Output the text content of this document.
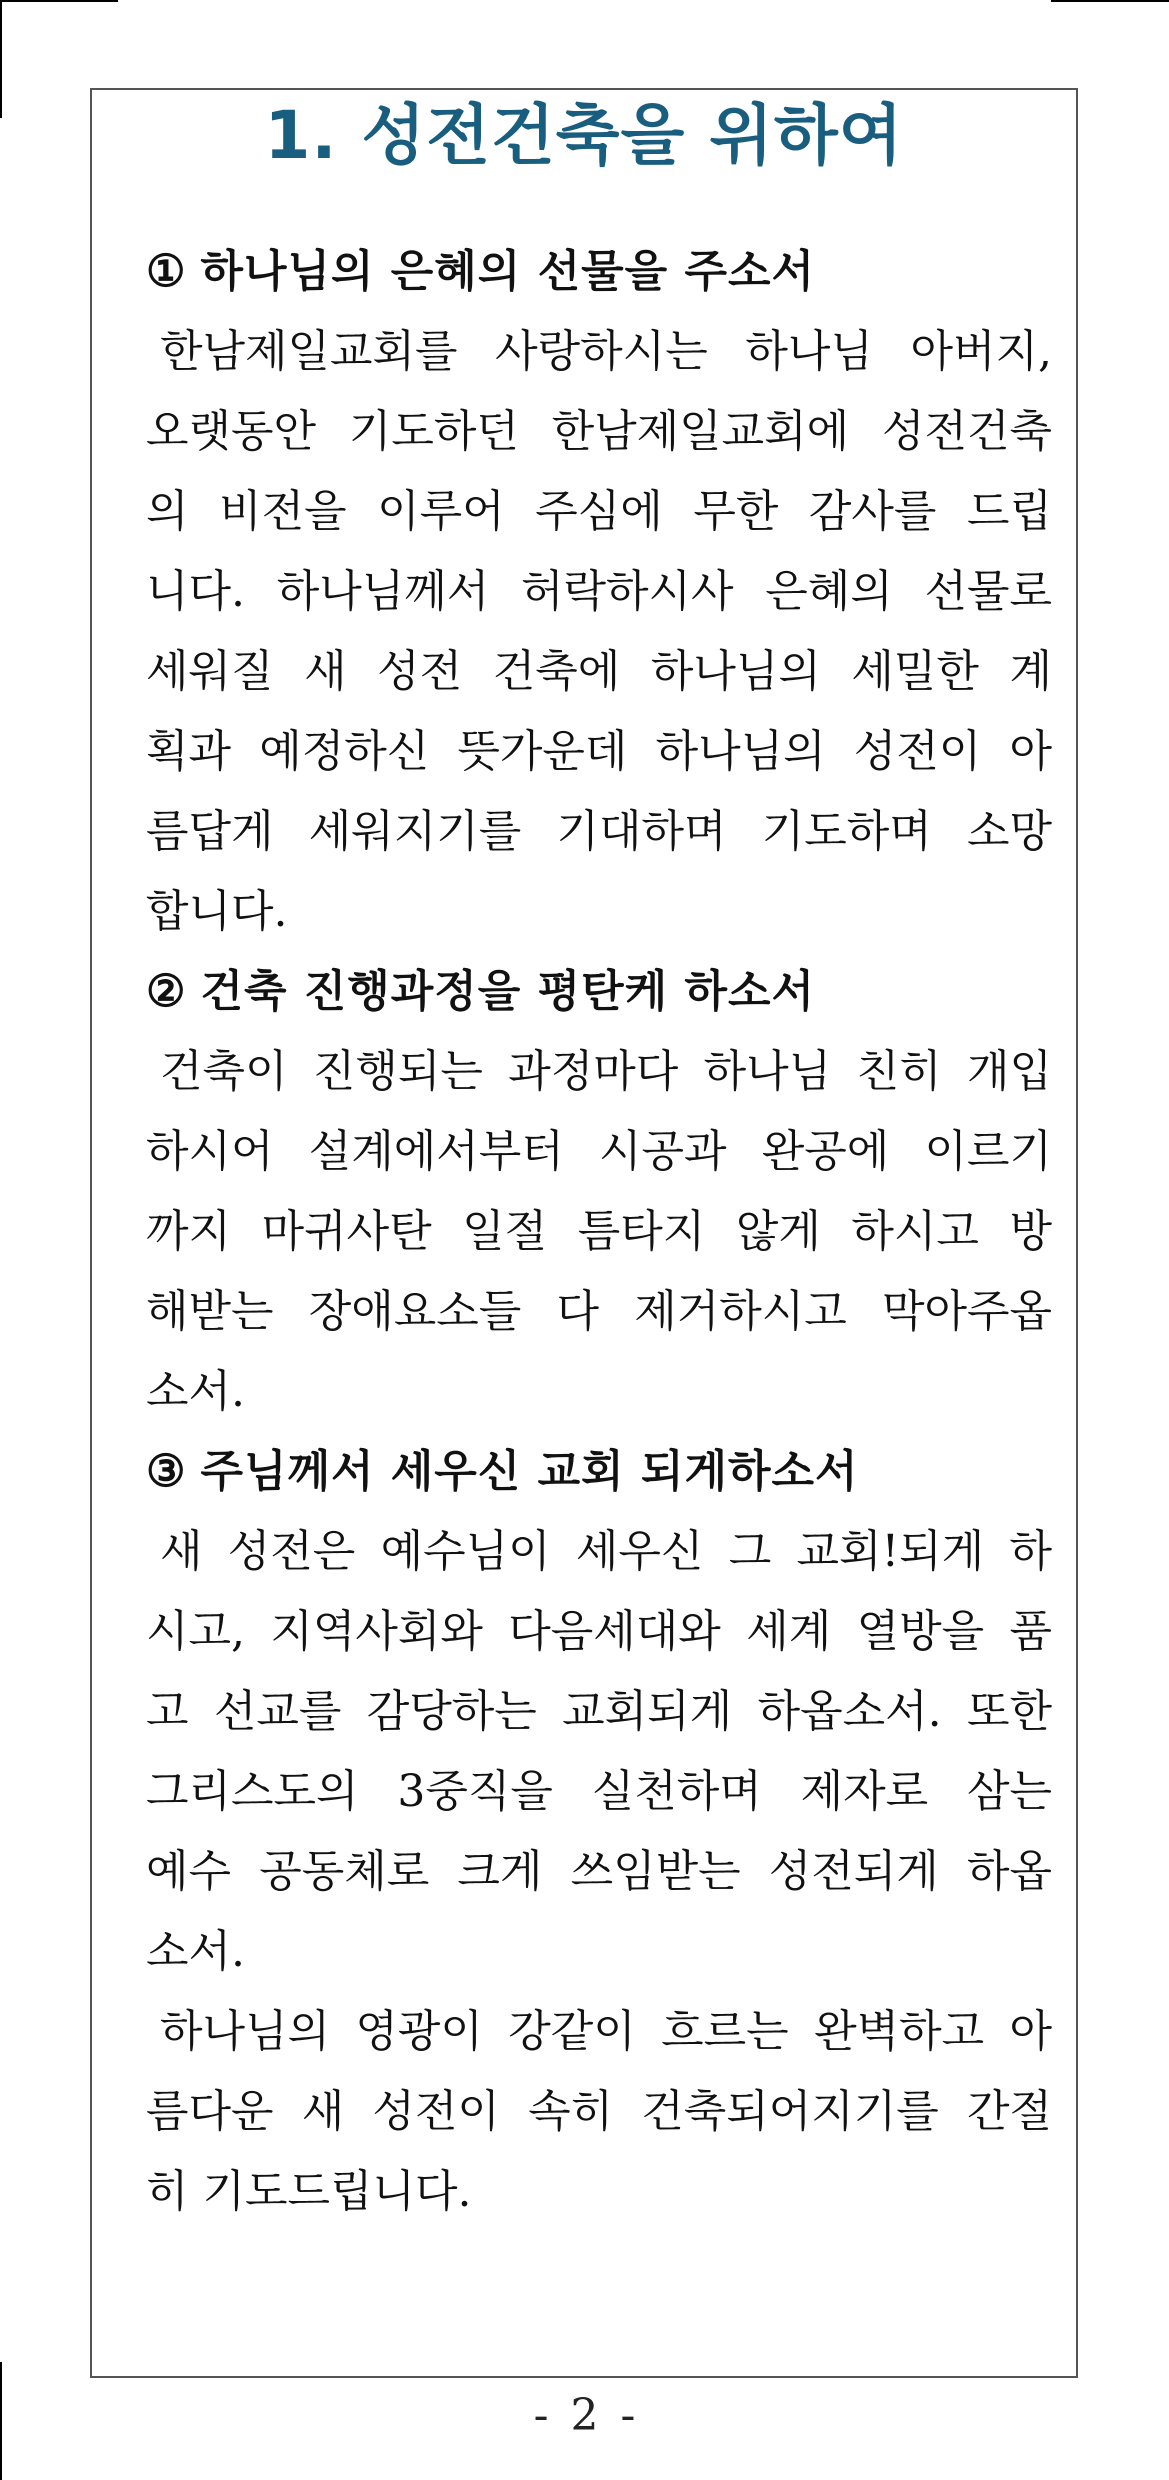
1. 성전건축을 위하여
① 하나님의 은혜의 선물을 주소서
한남제일교회를 사랑하시는 하나님 아버지,
오랫동안 기도하던 한남제일교회에 성전건축
의 비전을 이루어 주심에 무한 감사를 드립
니다. 하나님께서 허락하시사 은혜의 선물로
세워질 새 성전 건축에 하나님의 세밀한 계
획과 예정하신 뜻가운데 하나님의 성전이 아
름답게 세워지기를 기대하며 기도하며 소망
합니다.
② 건축 진행과정을 평탄케 하소서
건축이 진행되는 과정마다 하나님 친히 개입
하시어 설계에서부터 시공과 완공에 이르기
까지 마귀사탄 일절 틈타지 않게 하시고 방
해받는 장애요소들 다 제거하시고 막아주옵
소서.
③ 주님께서 세우신 교회 되게하소서
새 성전은 예수님이 세우신 그 교회!되게 하
시고, 지역사회와 다음세대와 세계 열방을 품
고 선교를 감당하는 교회되게 하옵소서. 또한
그리스도의 3중직을 실천하며 제자로 삼는
예수 공동체로 크게 쓰임받는 성전되게 하옵
소서.
하나님의 영광이 강같이 흐르는 완벽하고 아
름다운 새 성전이 속히 건축되어지기를 간절
히 기도드립니다.
- 2 -
